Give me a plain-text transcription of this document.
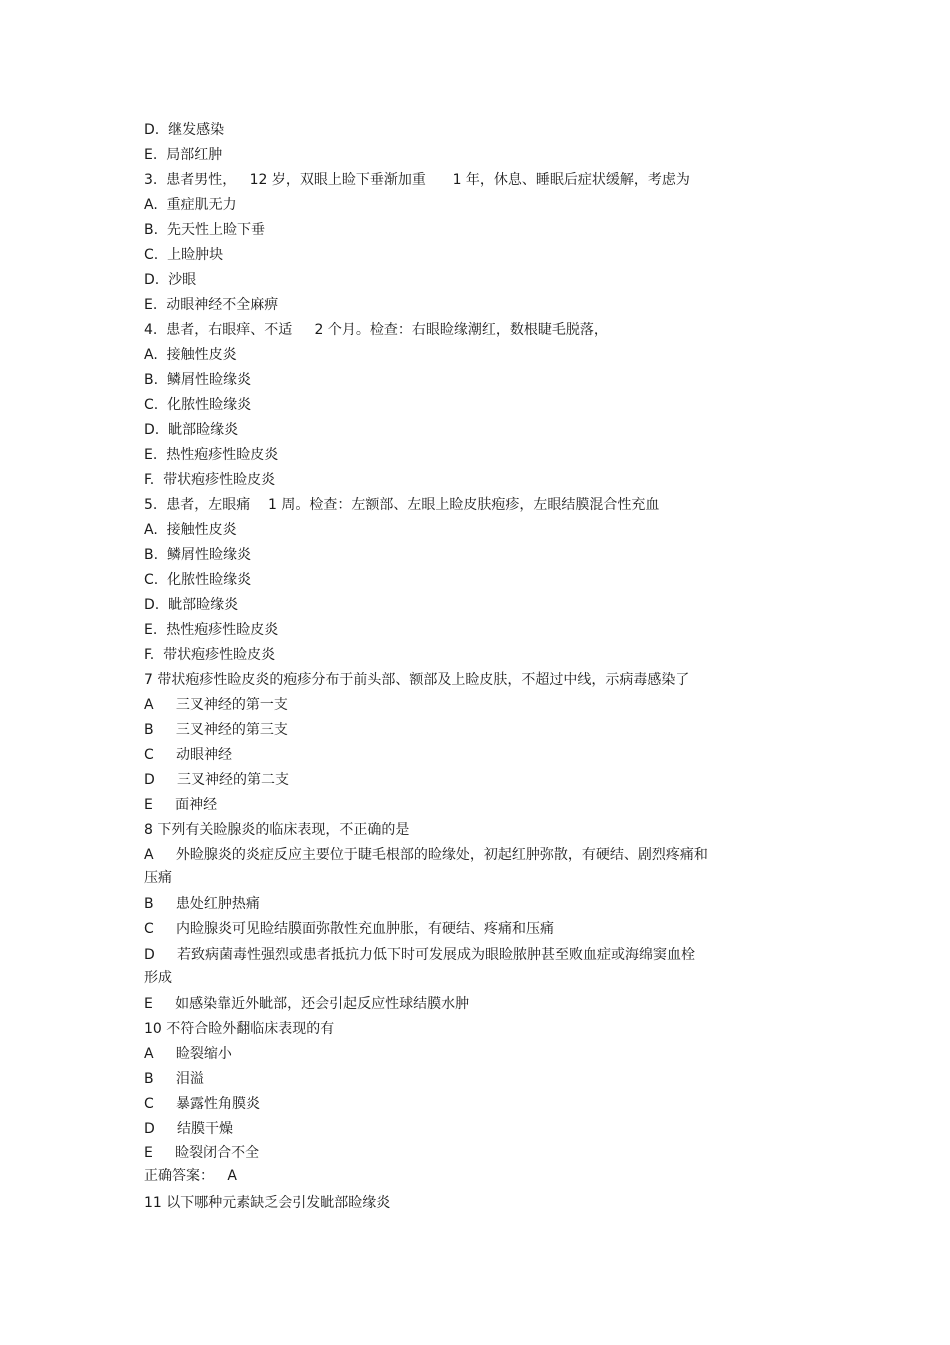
D.  继发感染
E.  局部红肿
3.  患者男性，   12 岁，双眼上睑下垂渐加重      1 年，休息、睡眠后症状缓解，考虑为
A.  重症肌无力
B.  先天性上睑下垂
C.  上睑肿块
D.  沙眼
E.  动眼神经不全麻痹
4.  患者，右眼痒、不适     2 个月。检查：右眼睑缘潮红，数根睫毛脱落，
A.  接触性皮炎
B.  鳞屑性睑缘炎
C.  化脓性睑缘炎
D.  眦部睑缘炎
E.  热性疱疹性睑皮炎
F.  带状疱疹性睑皮炎
5.  患者，左眼痛    1 周。检查：左额部、左眼上睑皮肤疱疹，左眼结膜混合性充血
A.  接触性皮炎
B.  鳞屑性睑缘炎
C.  化脓性睑缘炎
D.  眦部睑缘炎
E.  热性疱疹性睑皮炎
F.  带状疱疹性睑皮炎
7 带状疱疹性睑皮炎的疱疹分布于前头部、额部及上睑皮肤，不超过中线，示病毒感染了
A     三叉神经的第一支
B     三叉神经的第三支
C     动眼神经
D     三叉神经的第二支
E     面神经
8 下列有关睑腺炎的临床表现，不正确的是
A     外睑腺炎的炎症反应主要位于睫毛根部的睑缘处，初起红肿弥散，有硬结、剧烈疼痛和
压痛
B     患处红肿热痛
C     内睑腺炎可见睑结膜面弥散性充血肿胀，有硬结、疼痛和压痛
D     若致病菌毒性强烈或患者抵抗力低下时可发展成为眼睑脓肿甚至败血症或海绵窦血栓
形成
E     如感染靠近外眦部，还会引起反应性球结膜水肿
10 不符合睑外翻临床表现的有
A     睑裂缩小
B     泪溢
C     暴露性角膜炎
D     结膜干燥
E     睑裂闭合不全
正确答案：   A
11 以下哪种元素缺乏会引发眦部睑缘炎
